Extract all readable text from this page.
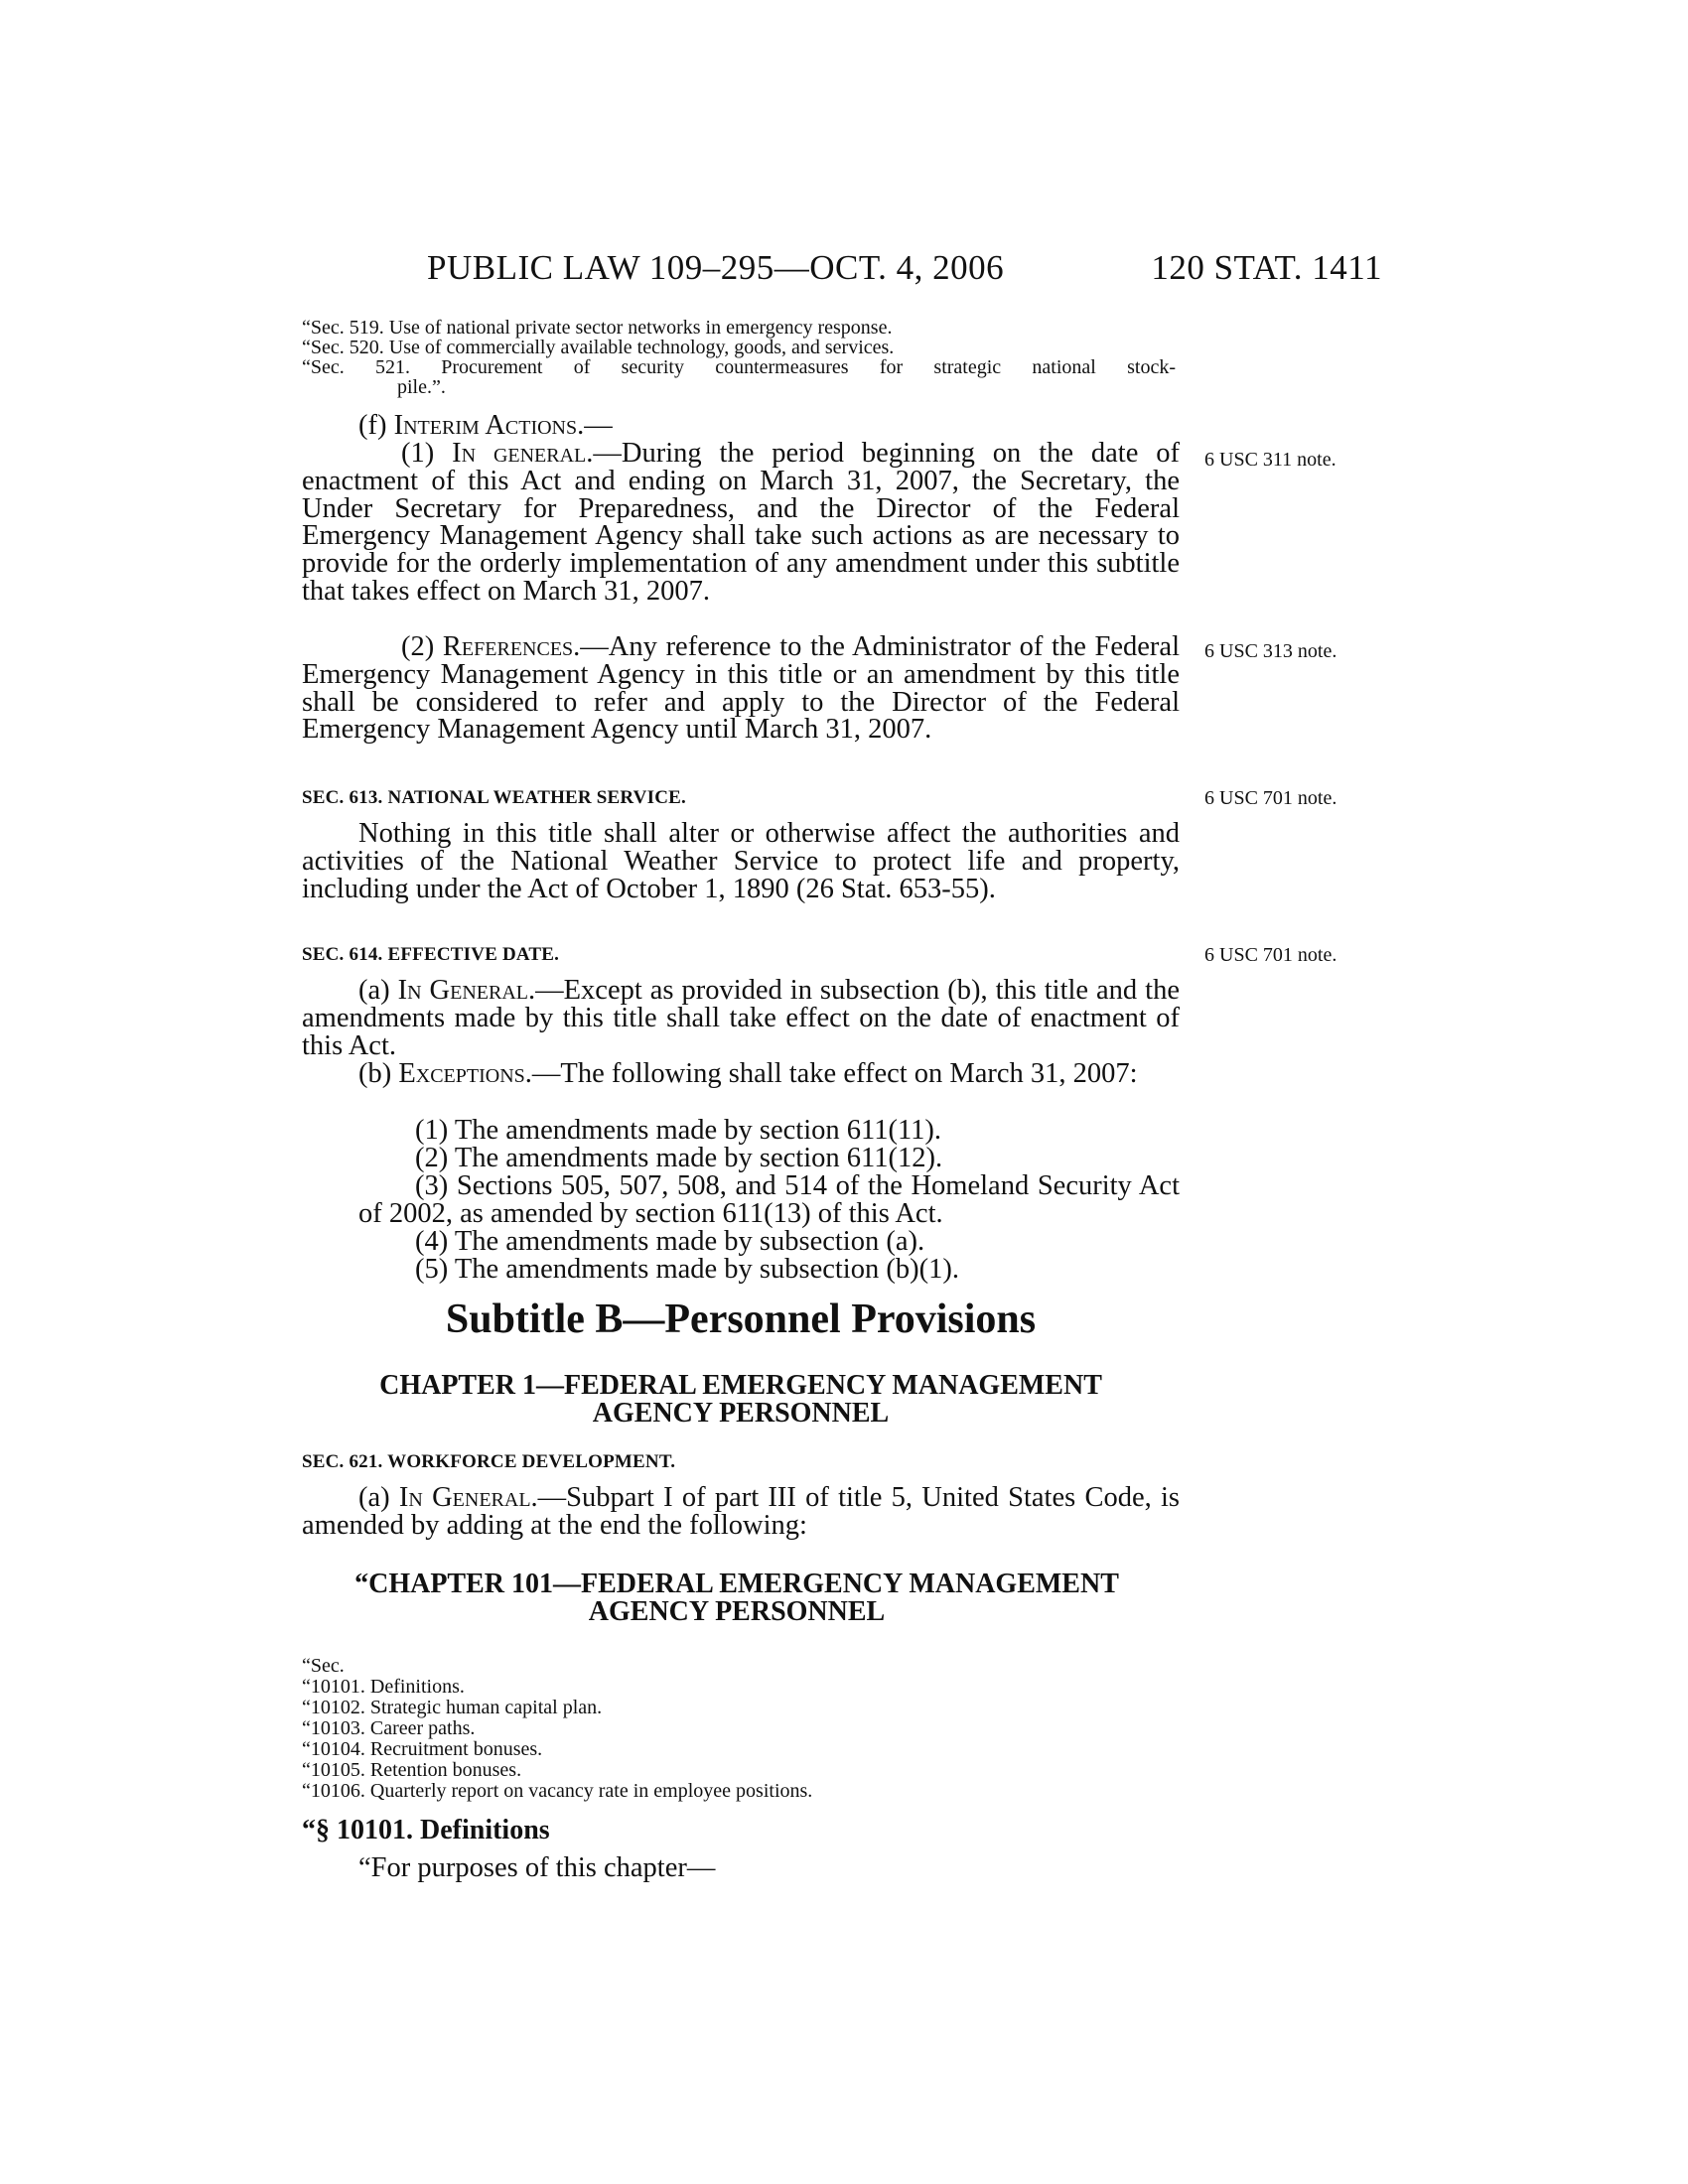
PUBLIC LAW 109–295—OCT. 4, 2006	120 STAT. 1411
“Sec. 519. Use of national private sector networks in emergency response.
“Sec. 520. Use of commercially available technology, goods, and services.
“Sec. 521. Procurement of security countermeasures for strategic national stock-
pile.”.
(f) Interim Actions.—
(1) In general.—During the period beginning on the date of enactment of this Act and ending on March 31, 2007, the Secretary, the Under Secretary for Preparedness, and the Director of the Federal Emergency Management Agency shall take such actions as are necessary to provide for the orderly implementation of any amendment under this subtitle that takes effect on March 31, 2007.
(2) References.—Any reference to the Administrator of the Federal Emergency Management Agency in this title or an amendment by this title shall be considered to refer and apply to the Director of the Federal Emergency Management Agency until March 31, 2007.
6 USC 311 note.
6 USC 313 note.
SEC. 613. NATIONAL WEATHER SERVICE.	6 USC 701 note.
Nothing in this title shall alter or otherwise affect the authorities and activities of the National Weather Service to protect life and property, including under the Act of October 1, 1890 (26 Stat. 653-55).
SEC. 614. EFFECTIVE DATE.	6 USC 701 note.
(a) In General.—Except as provided in subsection (b), this title and the amendments made by this title shall take effect on the date of enactment of this Act.
(b) Exceptions.—The following shall take effect on March 31, 2007:
(1) The amendments made by section 611(11).
(2) The amendments made by section 611(12).
(3) Sections 505, 507, 508, and 514 of the Homeland Security Act of 2002, as amended by section 611(13) of this Act.
(4) The amendments made by subsection (a).
(5) The amendments made by subsection (b)(1).
Subtitle B—Personnel Provisions
CHAPTER 1—FEDERAL EMERGENCY MANAGEMENT
AGENCY PERSONNEL
SEC. 621. WORKFORCE DEVELOPMENT.
(a) In General.—Subpart I of part III of title 5, United States Code, is amended by adding at the end the following:
“CHAPTER 101—FEDERAL EMERGENCY MANAGEMENT
AGENCY PERSONNEL
“Sec.
“10101. Definitions.
“10102. Strategic human capital plan.
“10103. Career paths.
“10104. Recruitment bonuses.
“10105. Retention bonuses.
“10106. Quarterly report on vacancy rate in employee positions.
“§ 10101. Definitions
“For purposes of this chapter—
